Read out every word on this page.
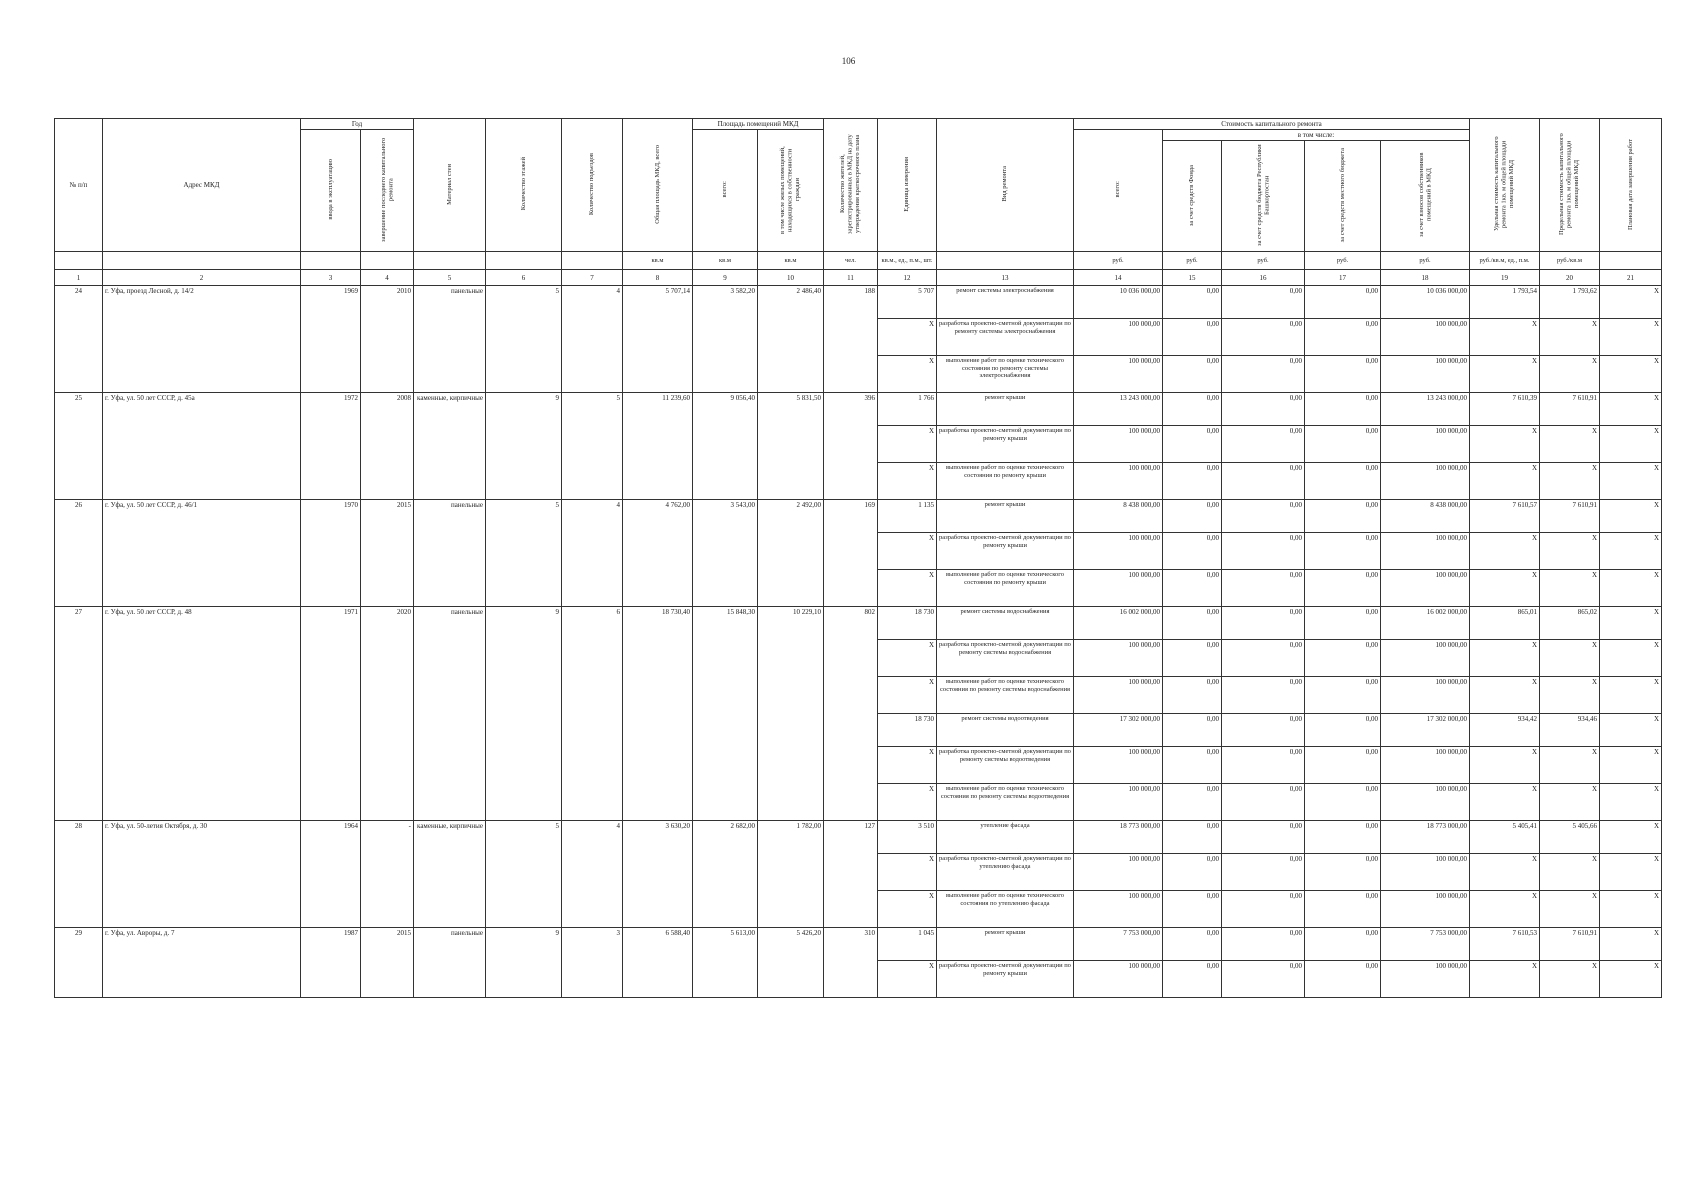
106
№ п/п	Адрес МКД	Год		Материал стен	Количество этажей	Количество подъездов	Общая площадь МКД, всего	Площадь помещений МКД		Количество жителей, зарегистрированных в МКД на дату утверждения краткосрочного плана	Единица измерения	Вид ремонта	Стоимость капитального ремонта					Удельная стоимость капитального ремонта 1кв. м общей площади помещений МКД	Предельная стоимость капитального ремонта 1кв. м общей площади помещений МКД	Плановая дата завершения работ
		ввода в эксплуатацию	завершение последнего капитального ремонта					всего:	в том числе жилых помещений, находящихся в собственности граждан				всего:	в том числе:						
														за счет средств Фонда	за счет средств бюджета Республики Башкортостан	за счет средств местного бюджета	за счет взносов собственников помещений в МКД			
							кв.м	кв.м	кв.м	чел.	кв.м., ед., п.м., шт.		руб.	руб.	руб.	руб.	руб.	руб./кв.м, ед., п.м.	руб./кв.м	
1	2	3	4	5	6	7	8	9	10	11	12	13	14	15	16	17	18	19	20	21
24	г. Уфа, проезд Лесной, д. 14/2	1969	2010	панельные	5	4	5 707,14	3 582,20	2 486,40	188	5 707	ремонт системы электроснабжения	10 036 000,00	0,00	0,00	0,00	10 036 000,00	1 793,54	1 793,62	X
											X	разработка проектно-сметной документации по ремонту системы электроснабжения	100 000,00	0,00	0,00	0,00	100 000,00	X	X	X
											X	выполнение работ по оценке технического состояния по ремонту системы электроснабжения	100 000,00	0,00	0,00	0,00	100 000,00	X	X	X
25	г. Уфа, ул. 50 лет СССР, д. 45а	1972	2008	каменные, кирпичные	9	5	11 239,60	9 056,40	5 831,50	396	1 766	ремонт крыши	13 243 000,00	0,00	0,00	0,00	13 243 000,00	7 610,39	7 610,91	X
											X	разработка проектно-сметной документации по ремонту крыши	100 000,00	0,00	0,00	0,00	100 000,00	X	X	X
											X	выполнение работ по оценке технического состояния по ремонту крыши	100 000,00	0,00	0,00	0,00	100 000,00	X	X	X
26	г. Уфа, ул. 50 лет СССР, д. 46/1	1970	2015	панельные	5	4	4 762,00	3 543,00	2 492,00	169	1 135	ремонт крыши	8 438 000,00	0,00	0,00	0,00	8 438 000,00	7 610,57	7 610,91	X
											X	разработка проектно-сметной документации по ремонту крыши	100 000,00	0,00	0,00	0,00	100 000,00	X	X	X
											X	выполнение работ по оценке технического состояния по ремонту крыши	100 000,00	0,00	0,00	0,00	100 000,00	X	X	X
27	г. Уфа, ул. 50 лет СССР, д. 48	1971	2020	панельные	9	6	18 730,40	15 848,30	10 229,10	802	18 730	ремонт системы водоснабжения	16 002 000,00	0,00	0,00	0,00	16 002 000,00	865,01	865,02	X
											X	разработка проектно-сметной документации по ремонту системы водоснабжения	100 000,00	0,00	0,00	0,00	100 000,00	X	X	X
											X	выполнение работ по оценке технического состояния по ремонту системы водоснабжения	100 000,00	0,00	0,00	0,00	100 000,00	X	X	X
											18 730	ремонт системы водоотведения	17 302 000,00	0,00	0,00	0,00	17 302 000,00	934,42	934,46	X
											X	разработка проектно-сметной документации по ремонту системы водоотведения	100 000,00	0,00	0,00	0,00	100 000,00	X	X	X
											X	выполнение работ по оценке технического состояния по ремонту системы водоотведения	100 000,00	0,00	0,00	0,00	100 000,00	X	X	X
28	г. Уфа, ул. 50-летия Октября, д. 30	1964	-	каменные, кирпичные	5	4	3 630,20	2 682,00	1 782,00	127	3 510	утепление фасада	18 773 000,00	0,00	0,00	0,00	18 773 000,00	5 405,41	5 405,66	X
											X	разработка проектно-сметной документации по утеплению фасада	100 000,00	0,00	0,00	0,00	100 000,00	X	X	X
											X	выполнение работ по оценке технического состояния по утеплению фасада	100 000,00	0,00	0,00	0,00	100 000,00	X	X	X
29	г. Уфа, ул. Авроры, д. 7	1987	2015	панельные	9	3	6 588,40	5 613,00	5 426,20	310	1 045	ремонт крыши	7 753 000,00	0,00	0,00	0,00	7 753 000,00	7 610,53	7 610,91	X
											X	разработка проектно-сметной документации по ремонту крыши	100 000,00	0,00	0,00	0,00	100 000,00	X	X	X
